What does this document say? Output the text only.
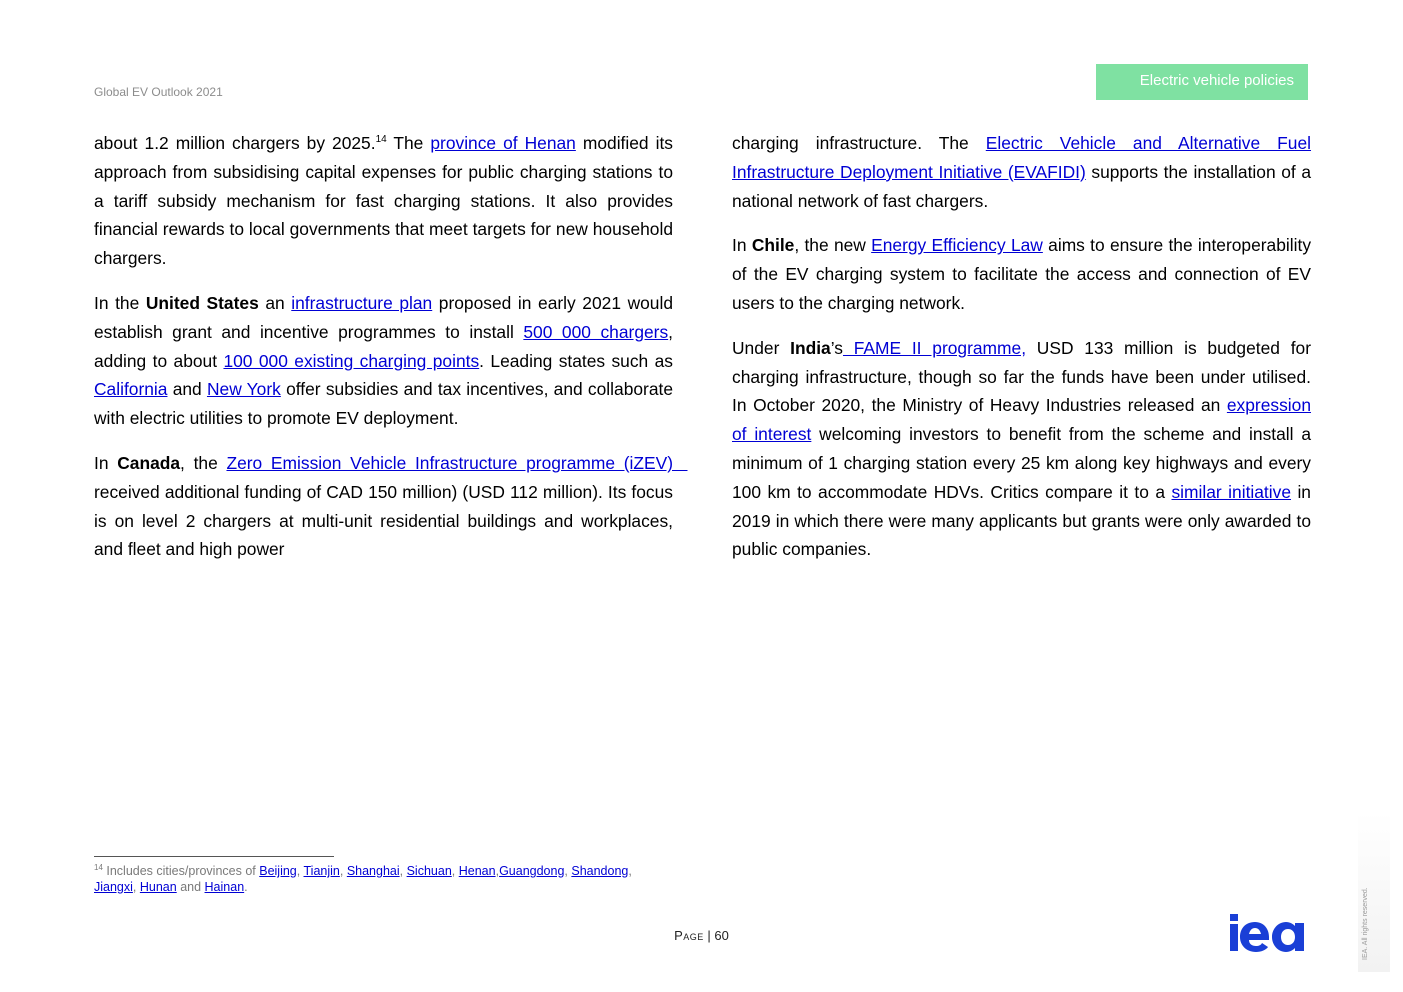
Global EV Outlook 2021
Electric vehicle policies

about 1.2 million chargers by 2025.14 The province of Henan modified its approach from subsidising capital expenses for public charging stations to a tariff subsidy mechanism for fast charging stations. It also provides financial rewards to local governments that meet targets for new household chargers.

In the United States an infrastructure plan proposed in early 2021 would establish grant and incentive programmes to install 500 000 chargers, adding to about 100 000 existing charging points. Leading states such as California and New York offer subsidies and tax incentives, and collaborate with electric utilities to promote EV deployment.

In Canada, the Zero Emission Vehicle Infrastructure programme (iZEV)   received additional funding of CAD 150 million) (USD 112 million). Its focus is on level 2 chargers at multi-unit residential buildings and workplaces, and fleet and high power

charging infrastructure. The Electric Vehicle and Alternative Fuel Infrastructure Deployment Initiative (EVAFIDI) supports the installation of a national network of fast chargers.

In Chile, the new Energy Efficiency Law aims to ensure the interoperability of the EV charging system to facilitate the access and connection of EV users to the charging network.

Under India’s FAME II programme, USD 133 million is budgeted for charging infrastructure, though so far the funds have been under utilised. In October 2020, the Ministry of Heavy Industries released an expression of interest welcoming investors to benefit from the scheme and install a minimum of 1 charging station every 25 km along key highways and every 100 km to accommodate HDVs. Critics compare it to a similar initiative in 2019 in which there were many applicants but grants were only awarded to public companies.

$^{14}$ Includes cities/provinces of Beijing, Tianjin, Shanghai, Sichuan, Henan,Guangdong, Shandong, Jiangxi, Hunan and Hainan.
Page | 60	IEA. All rights reserved.
